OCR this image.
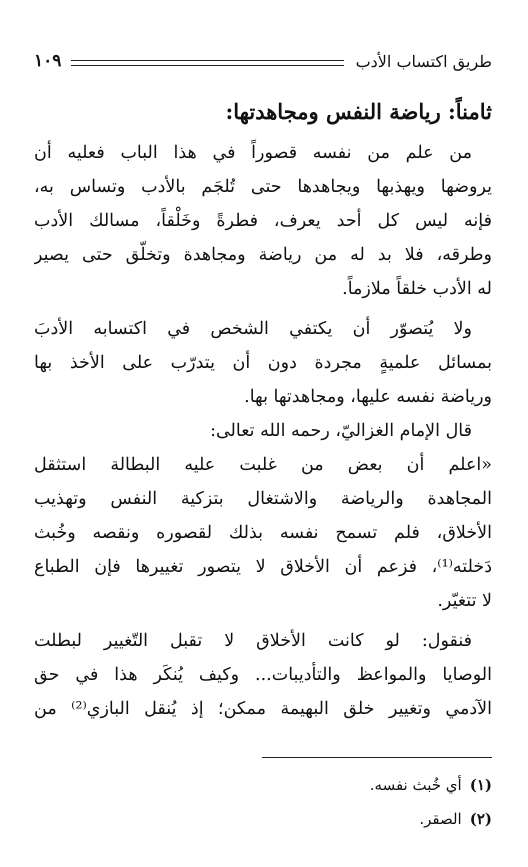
طريق اكتساب الأدب
١٠٩
ثامناً: رياضة النفس ومجاهدتها:
من علم من نفسه قصوراً في هذا الباب فعليه أن
يروضها ويهذبها ويجاهدها حتى تُلجَم بالأدب وتساس به،
فإنه ليس كل أحد يعرف، فطرةً وخَلْقاً، مسالك الأدب
وطرقه، فلا بد له من رياضة ومجاهدة وتخلّق حتى يصير
له الأدب خلقاً ملازماً.
ولا يُتصوّر أن يكتفي الشخص في اكتسابه الأدبَ
بمسائل علميةٍ مجردة دون أن يتدرّب على الأخذ بها
ورياضة نفسه عليها، ومجاهدتها بها.
قال الإمام الغزاليّ، رحمه الله تعالى:
«اعلم أن بعض من غلبت عليه البطالة استثقل
المجاهدة والرياضة والاشتغال بتزكية النفس وتهذيب
الأخلاق، فلم تسمح نفسه بذلك لقصوره ونقصه وخُبث
دَخلته⁽¹⁾، فزعم أن الأخلاق لا يتصور تغييرها فإن الطباع
لا تتغيّر.
فنقول: لو كانت الأخلاق لا تقبل التّغيير لبطلت
الوصايا والمواعظ والتأديبات... وكيف يُنكَر هذا في حق
الآدمي وتغيير خلق البهيمة ممكن؛ إذ يُنقل البازي⁽²⁾ من
(١)أي خُبث نفسه.
(٢)الصقر.
